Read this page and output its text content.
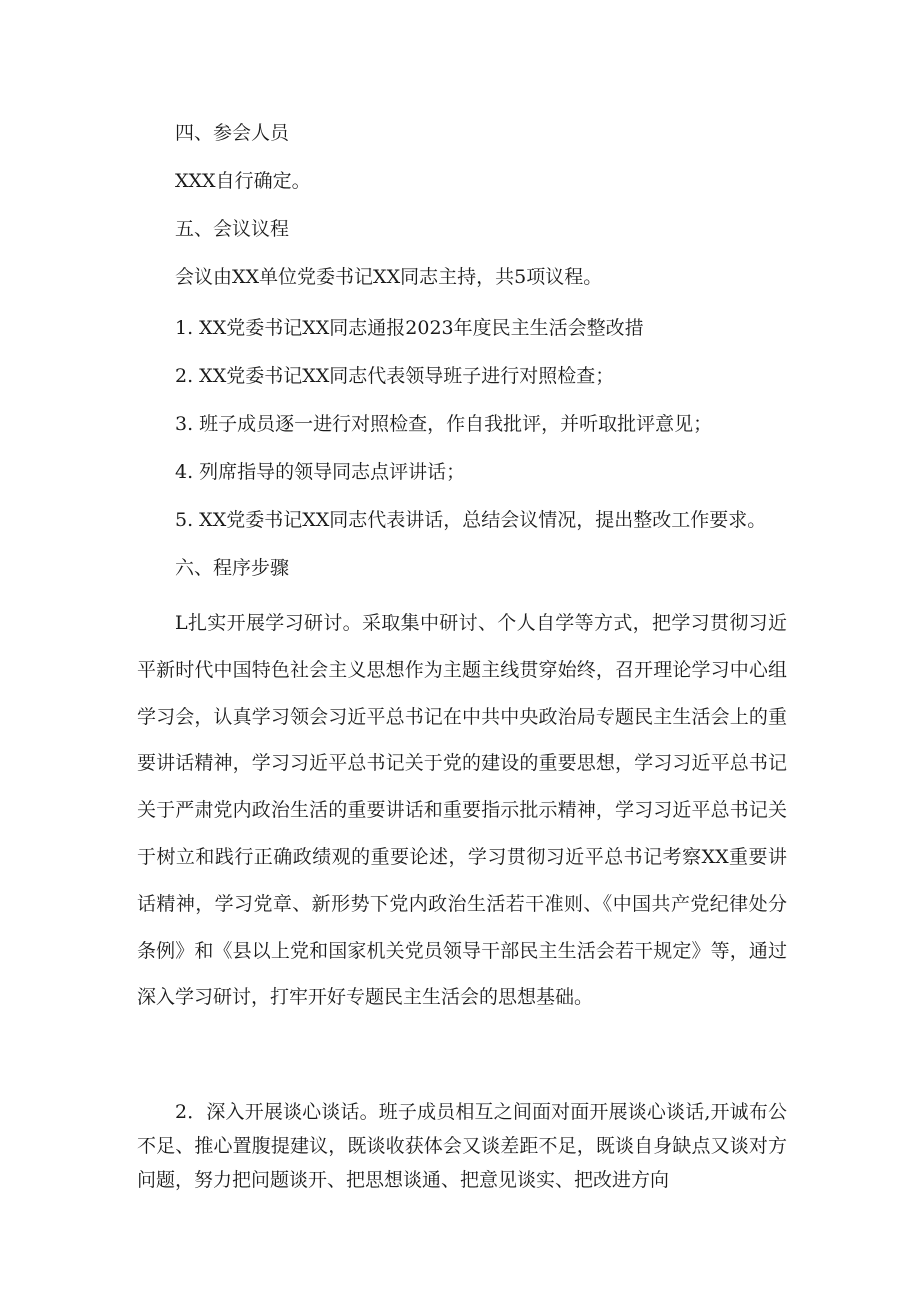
四、参会人员
XXX自行确定。
五、会议议程
会议由XX单位党委书记XX同志主持，共5项议程。
1. XX党委书记XX同志通报2023年度民主生活会整改措
2. XX党委书记XX同志代表领导班子进行对照检查；
3. 班子成员逐一进行对照检查，作自我批评，并听取批评意见；
4. 列席指导的领导同志点评讲话；
5. XX党委书记XX同志代表讲话，总结会议情况，提出整改工作要求。
六、程序步骤
L扎实开展学习研讨。采取集中研讨、个人自学等方式，把学习贯彻习近平新时代中国特色社会主义思想作为主题主线贯穿始终，召开理论学习中心组学习会，认真学习领会习近平总书记在中共中央政治局专题民主生活会上的重要讲话精神，学习习近平总书记关于党的建设的重要思想，学习习近平总书记关于严肃党内政治生活的重要讲话和重要指示批示精神，学习习近平总书记关于树立和践行正确政绩观的重要论述，学习贯彻习近平总书记考察XX重要讲话精神，学习党章、新形势下党内政治生活若干准则、《中国共产党纪律处分条例》和《县以上党和国家机关党员领导干部民主生活会若干规定》等，通过深入学习研讨，打牢开好专题民主生活会的思想基础。
2．深入开展谈心谈话。班子成员相互之间面对面开展谈心谈话,开诚布公不足、推心置腹提建议，既谈收获体会又谈差距不足，既谈自身缺点又谈对方问题，努力把问题谈开、把思想谈通、把意见谈实、把改进方向
